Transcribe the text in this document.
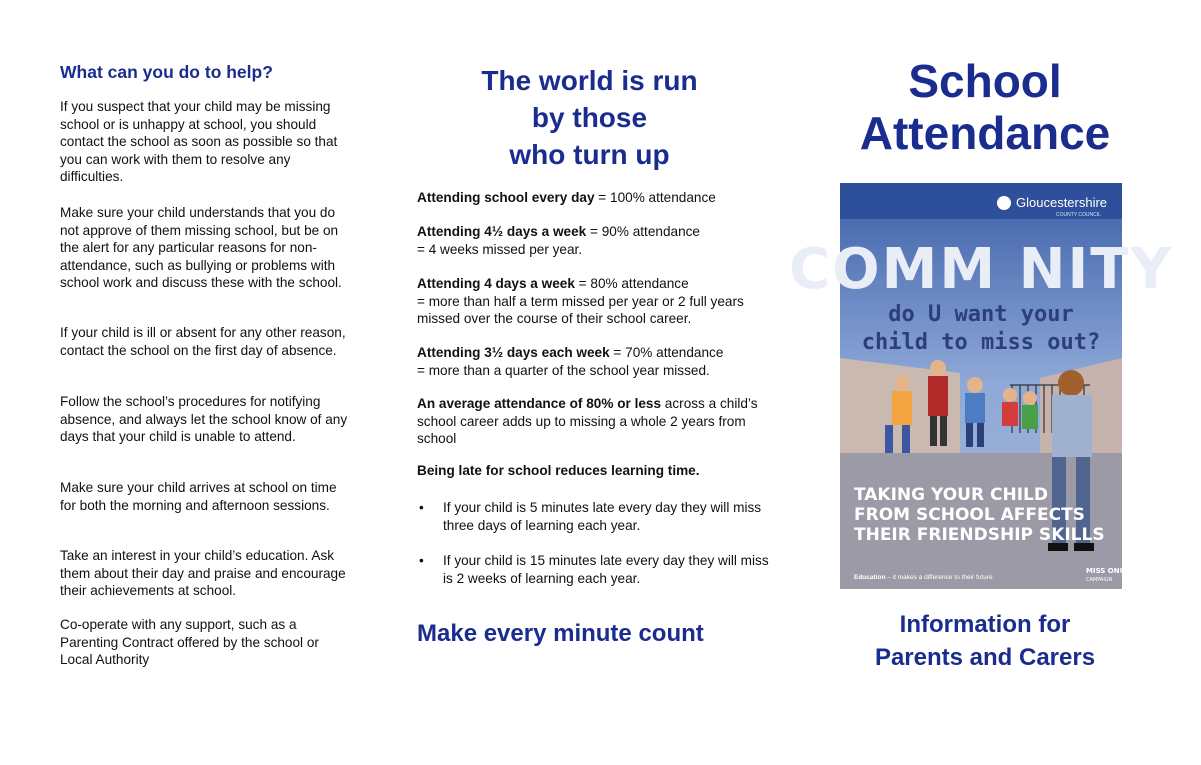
What can you do to help?

If you suspect that your child may be missing school or is unhappy at school, you should contact the school as soon as possible so that you can work with them to resolve any difficulties.

Make sure your child understands that you do not approve of them missing school, but be on the alert for any particular reasons for non-attendance, such as bullying or problems with school work and discuss these with the school.

If your child is ill or absent for any other reason, contact the school on the first day of absence.

Follow the school’s procedures for notifying absence, and always let the school know of any days that your child is unable to attend.

Make sure your child arrives at school on time for both the morning and afternoon sessions.

Take an interest in your child’s education. Ask them about their day and praise and encourage their achievements at school.

Co-operate with any support, such as a Parenting Contract offered by the school or Local Authority

The world is run
by those
who turn up

Attending school every day = 100% attendance

Attending 4½ days a week = 90% attendance
= 4 weeks missed per year.

Attending 4 days a week = 80% attendance
= more than half a term missed per year or 2 full years missed over the course of their school career.

Attending 3½ days each week = 70% attendance
= more than a quarter of the school year missed.

An average attendance of 80% or less across a child’s school career adds up to missing a whole 2 years from school

Being late for school reduces learning time.

• If your child is 5 minutes late every day they will miss three days of learning each year.
• If your child is 15 minutes late every day they will miss is 2 weeks of learning each year.

Make every minute count

School
Attendance
Gloucestershire
COUNTY COUNCIL
COMM NITY
do U want your
child to miss out?
TAKING YOUR CHILD
FROM SCHOOL AFFECTS
THEIR FRIENDSHIP SKILLS
Education – it makes a difference to their future
MISS ONU
CAMPAIGN

Information for
Parents and Carers
